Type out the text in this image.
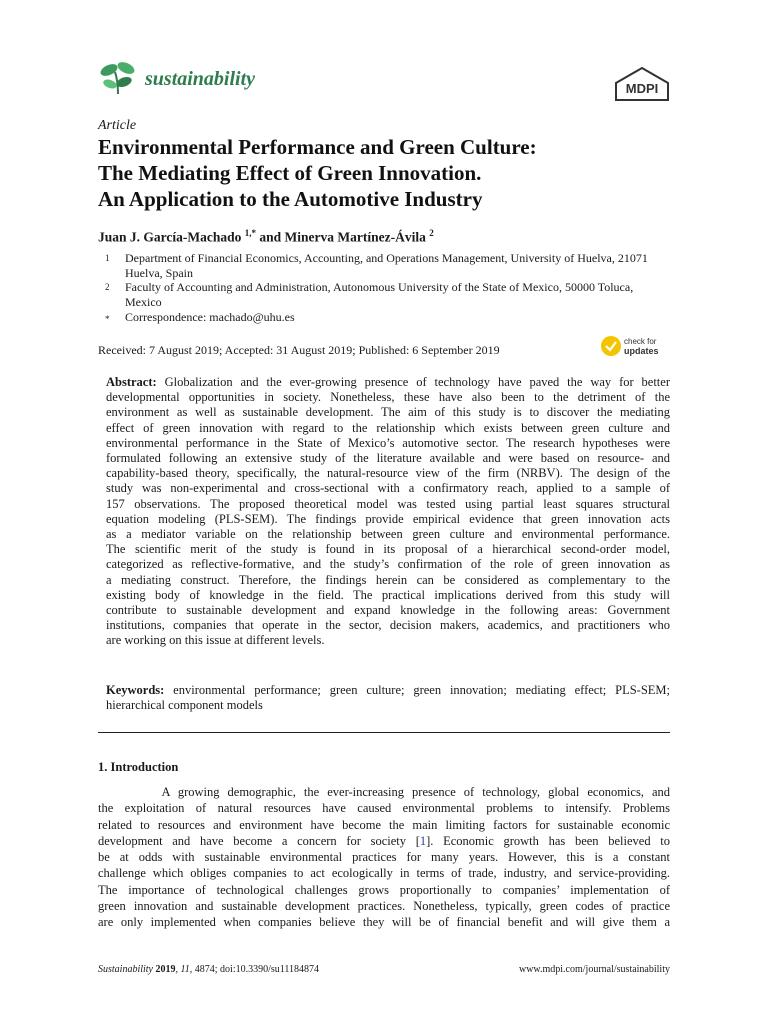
sustainability	MDPI
Article
Environmental Performance and Green Culture:
The Mediating Effect of Green Innovation.
An Application to the Automotive Industry
Juan J. García-Machado $^{1,*}$ and Minerva Martínez-Ávila $^2$
1 Department of Financial Economics, Accounting, and Operations Management, University of Huelva, 21071 Huelva, Spain
2 Faculty of Accounting and Administration, Autonomous University of the State of Mexico, 50000 Toluca, Mexico
* Correspondence: machado@uhu.es
Received: 7 August 2019; Accepted: 31 August 2019; Published: 6 September 2019
check for
updates
Abstract: Globalization and the ever-growing presence of technology have paved the way for better
developmental opportunities in society. Nonetheless, these have also been to the detriment of the
environment as well as sustainable development. The aim of this study is to discover the mediating
effect of green innovation with regard to the relationship which exists between green culture and
environmental performance in the State of Mexico’s automotive sector. The research hypotheses were
formulated following an extensive study of the literature available and were based on resource- and
capability-based theory, specifically, the natural-resource view of the firm (NRBV). The design of the
study was non-experimental and cross-sectional with a confirmatory reach, applied to a sample of
157 observations. The proposed theoretical model was tested using partial least squares structural
equation modeling (PLS-SEM). The findings provide empirical evidence that green innovation acts
as a mediator variable on the relationship between green culture and environmental performance.
The scientific merit of the study is found in its proposal of a hierarchical second-order model,
categorized as reflective-formative, and the study’s confirmation of the role of green innovation as
a mediating construct. Therefore, the findings herein can be considered as complementary to the
existing body of knowledge in the field. The practical implications derived from this study will
contribute to sustainable development and expand knowledge in the following areas: Government
institutions, companies that operate in the sector, decision makers, academics, and practitioners who
are working on this issue at different levels.
Keywords: environmental performance; green culture; green innovation; mediating effect; PLS-SEM;
hierarchical component models
1. Introduction
A growing demographic, the ever-increasing presence of technology, global economics, and
the exploitation of natural resources have caused environmental problems to intensify. Problems
related to resources and environment have become the main limiting factors for sustainable economic
development and have become a concern for society [1]. Economic growth has been believed to
be at odds with sustainable environmental practices for many years. However, this is a constant
challenge which obliges companies to act ecologically in terms of trade, industry, and service-providing.
The importance of technological challenges grows proportionally to companies’ implementation of
green innovation and sustainable development practices. Nonetheless, typically, green codes of practice
are only implemented when companies believe they will be of financial benefit and will give them a
Sustainability 2019, 11, 4874; doi:10.3390/su11184874	www.mdpi.com/journal/sustainability
